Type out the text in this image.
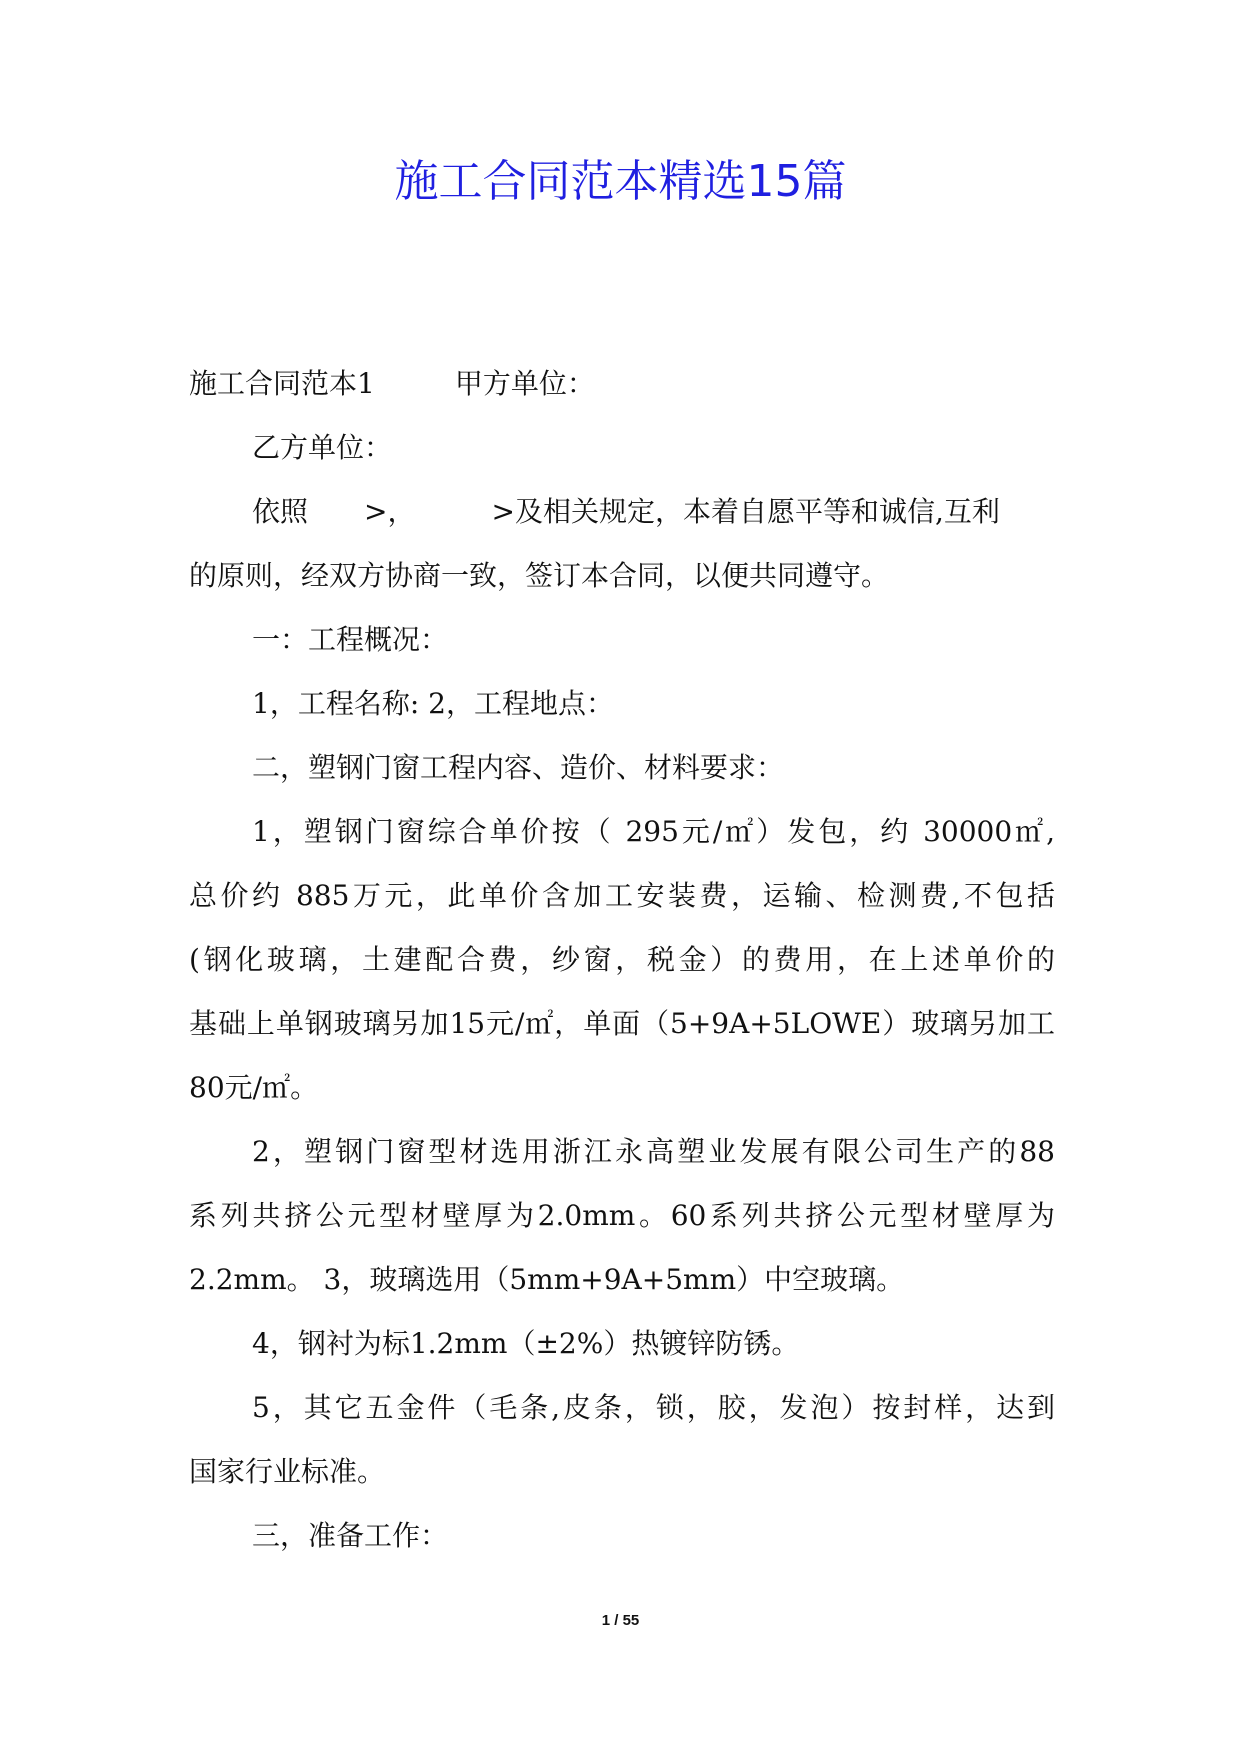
施工合同范本精选15篇
施工合同范本1	甲方单位：
乙方单位：
依照 >，	>及相关规定，本着自愿平等和诚信,互利
的原则，经双方协商一致，签订本合同，以便共同遵守。
一：工程概况：
1，工程名称: 2，工程地点：
二，塑钢门窗工程内容、造价、材料要求：
1，塑钢门窗综合单价按（ 295元/㎡）发包，约 30000㎡,
总价约 885万元，此单价含加工安装费，运输、检测费,不包括
(钢化玻璃，土建配合费，纱窗，税金）的费用，在上述单价的
基础上单钢玻璃另加15元/㎡，单面（5+9A+5LOWE）玻璃另加工
80元/㎡。
2，塑钢门窗型材选用浙江永高塑业发展有限公司生产的88
系列共挤公元型材壁厚为2.0mm。60系列共挤公元型材壁厚为
2.2mm。 3，玻璃选用（5mm+9A+5mm）中空玻璃。
4，钢衬为标1.2mm（±2%）热镀锌防锈。
5，其它五金件（毛条,皮条，锁，胶，发泡）按封样，达到
国家行业标准。
三，准备工作：
1 / 55
